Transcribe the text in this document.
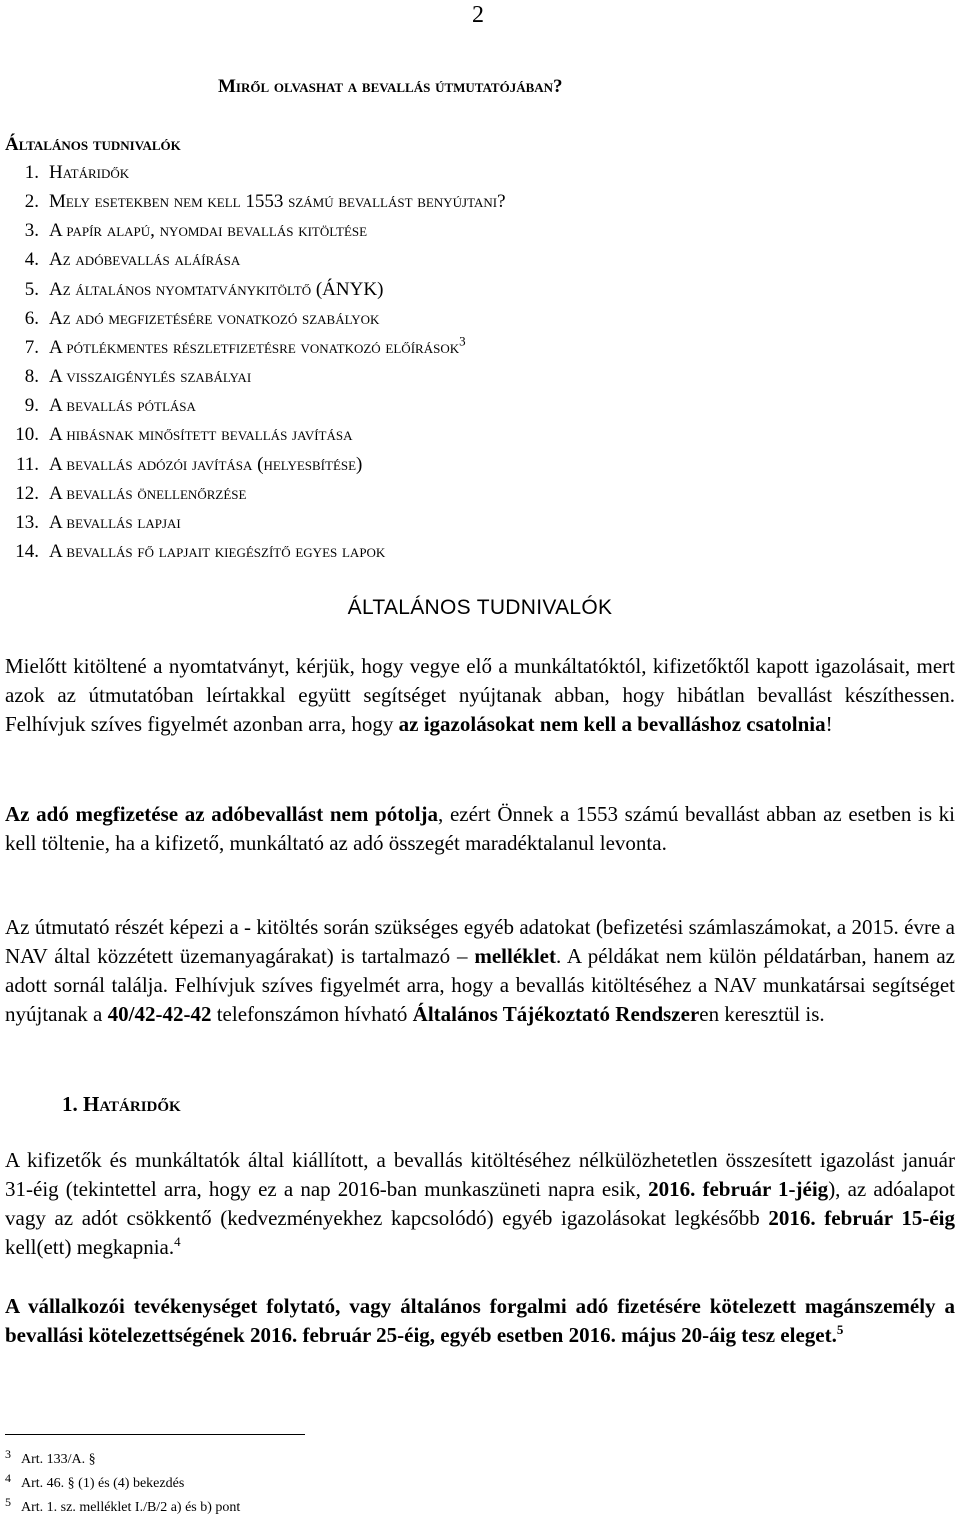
2
Miről olvashat a bevallás útmutatójában?
Általános tudnivalók
1. Határidők
2. Mely esetekben nem kell 1553 számú bevallást benyújtani?
3. A papír alapú, nyomdai bevallás kitöltése
4. Az adóbevallás aláírása
5. Az általános nyomtatványkitöltő (ÁNYK)
6. Az adó megfizetésére vonatkozó szabályok
7. A pótlékmentes részletfizetésre vonatkozó előírások$^3$
8. A visszaigénylés szabályai
9. A bevallás pótlása
10. A hibásnak minősített bevallás javítása
11. A bevallás adózói javítása (helyesbítése)
12. A bevallás önellenőrzése
13. A bevallás lapjai
14. A bevallás fő lapjait kiegészítő egyes lapok
ÁLTALÁNOS TUDNIVALÓK

Mielőtt kitöltené a nyomtatványt, kérjük, hogy vegye elő a munkáltatóktól, kifizetőktől kapott igazolásait, mert azok az útmutatóban leírtakkal együtt segítséget nyújtanak abban, hogy hibátlan bevallást készíthessen. Felhívjuk szíves figyelmét azonban arra, hogy az igazolásokat nem kell a bevalláshoz csatolnia!

Az adó megfizetése az adóbevallást nem pótolja, ezért Önnek a 1553 számú bevallást abban az esetben is ki kell töltenie, ha a kifizető, munkáltató az adó összegét maradéktalanul levonta.

Az útmutató részét képezi a - kitöltés során szükséges egyéb adatokat (befizetési számlaszámokat, a 2015. évre a NAV által közzétett üzemanyagárakat) is tartalmazó – melléklet. A példákat nem külön példatárban, hanem az adott sornál találja. Felhívjuk szíves figyelmét arra, hogy a bevallás kitöltéséhez a NAV munkatársai segítséget nyújtanak a 40/42-42-42 telefonszámon hívható Általános Tájékoztató Rendszeren keresztül is.

1. Határidők

A kifizetők és munkáltatók által kiállított, a bevallás kitöltéséhez nélkülözhetetlen összesített igazolást január 31-éig (tekintettel arra, hogy ez a nap 2016-ban munkaszüneti napra esik, 2016. február 1-jéig), az adóalapot vagy az adót csökkentő (kedvezményekhez kapcsolódó) egyéb igazolásokat legkésőbb 2016. február 15-éig kell(ett) megkapnia.$^4$

A vállalkozói tevékenységet folytató, vagy általános forgalmi adó fizetésére kötelezett magánszemély a bevallási kötelezettségének 2016. február 25-éig, egyéb esetben 2016. május 20-áig tesz eleget.$^5$

3 Art. 133/A. §
4 Art. 46. § (1) és (4) bekezdés
5 Art. 1. sz. melléklet I./B/2 a) és b) pont
